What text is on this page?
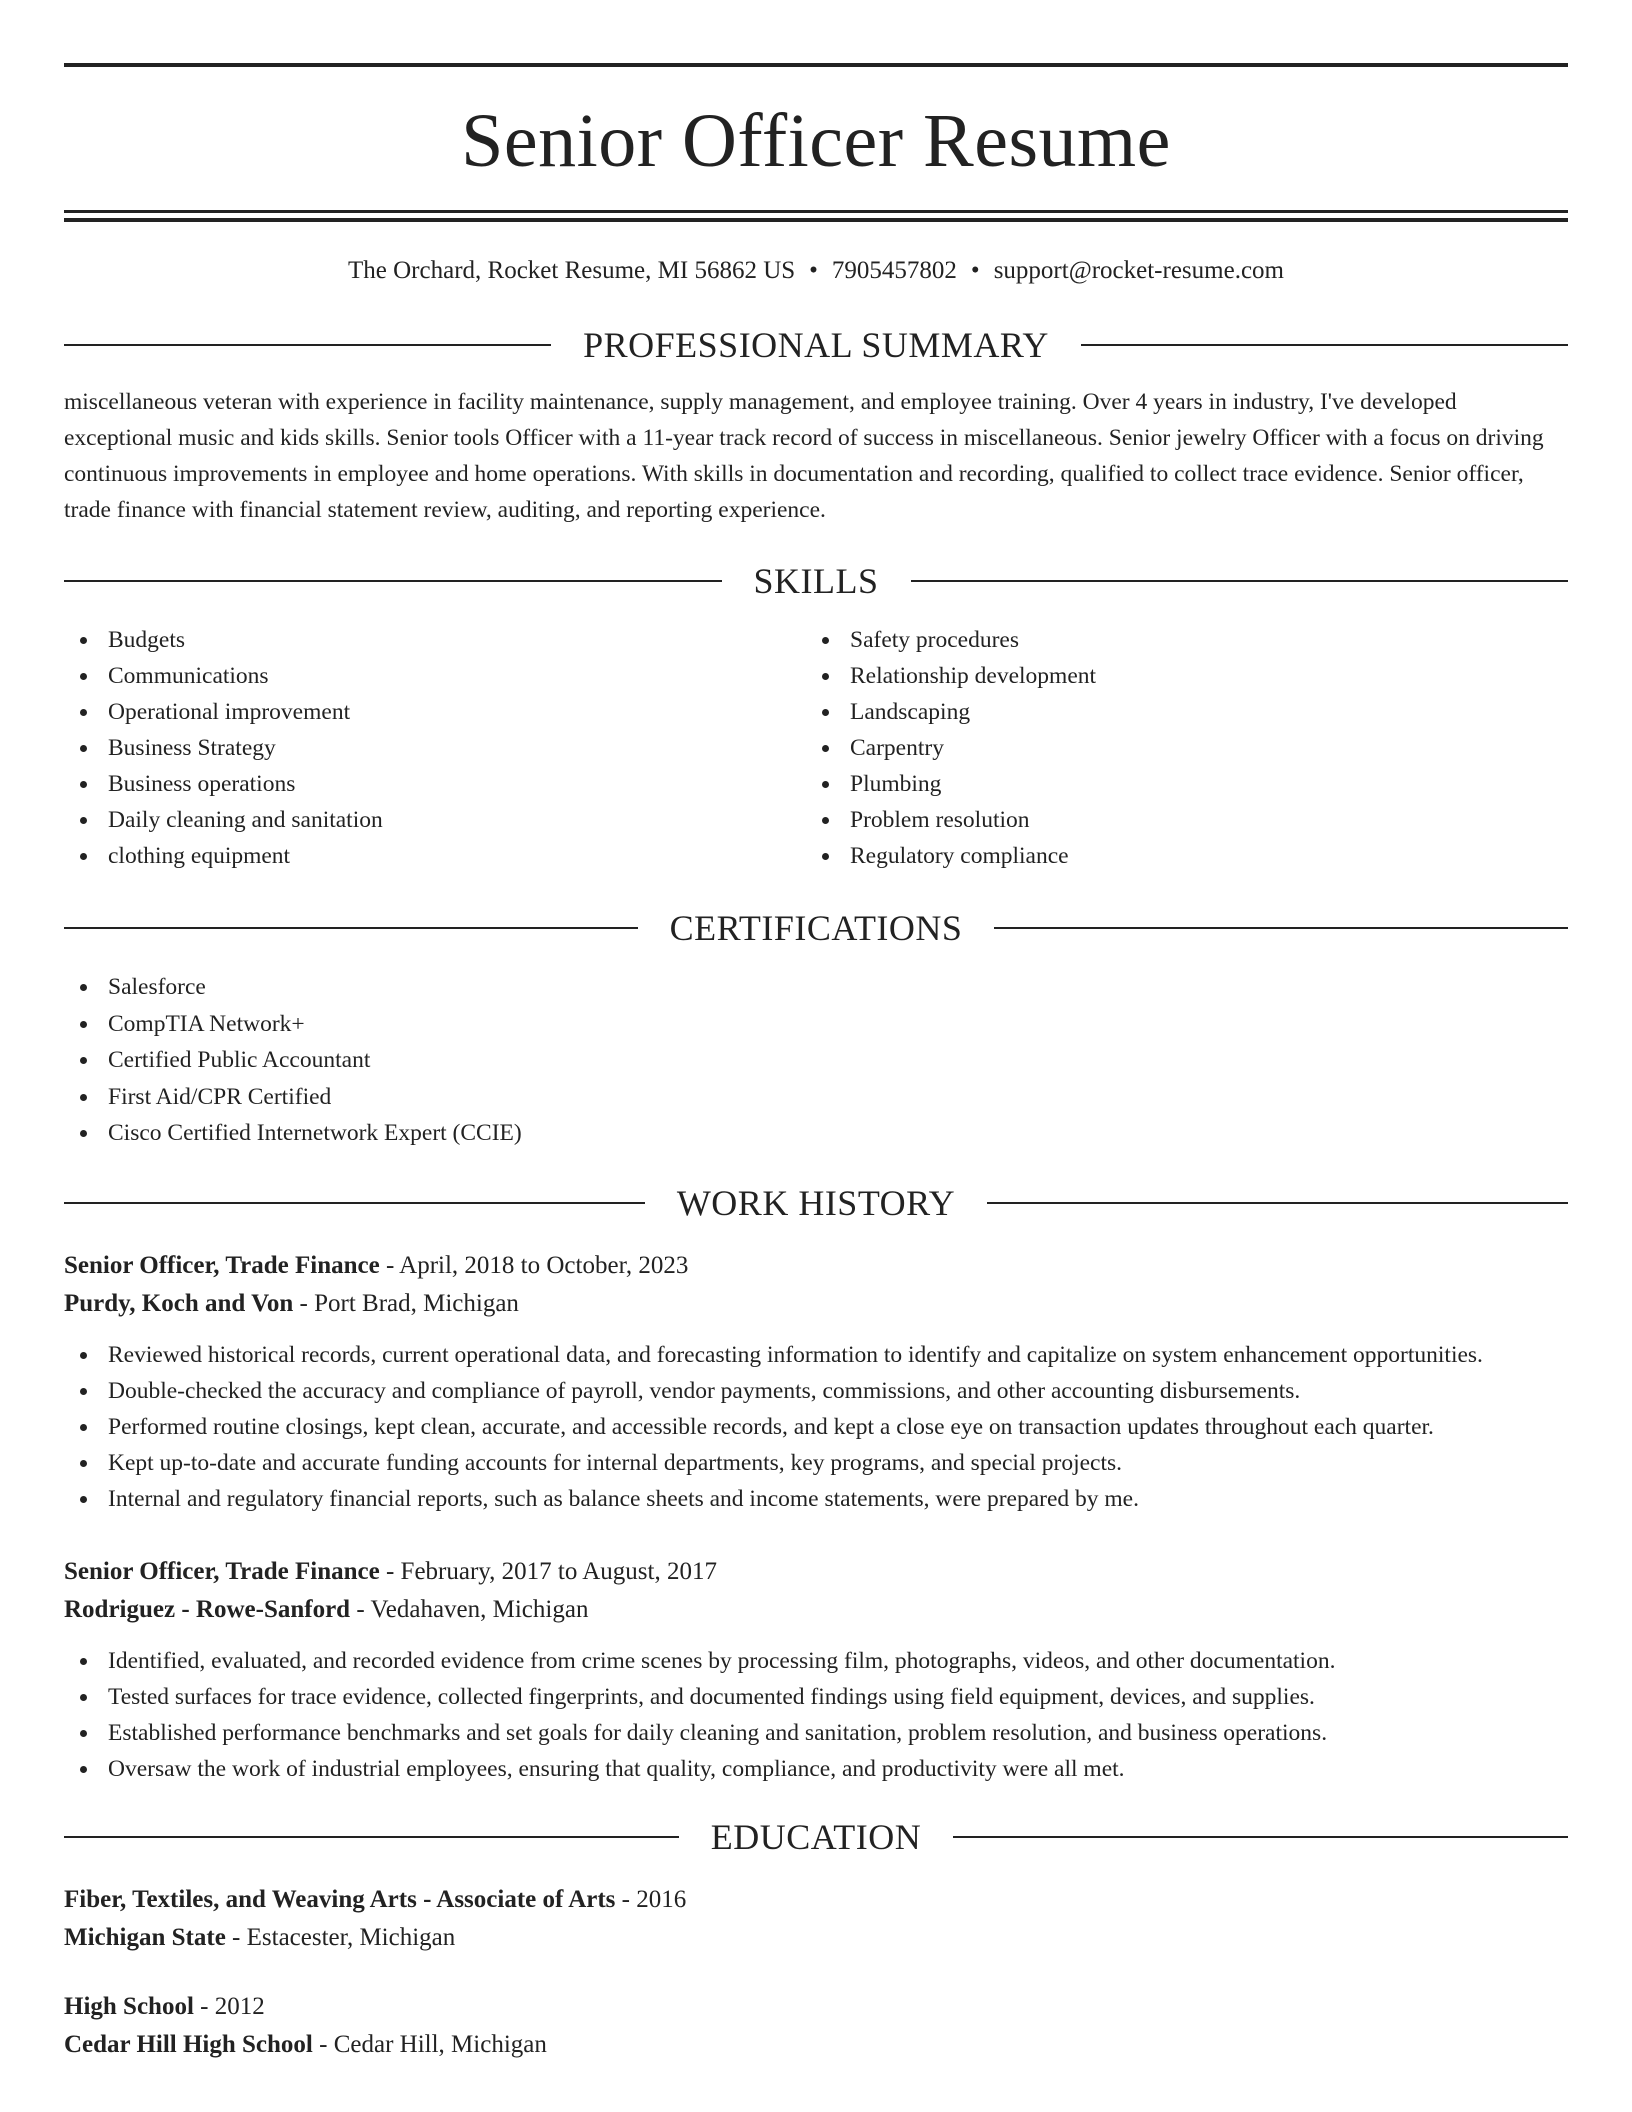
Senior Officer Resume
The Orchard, Rocket Resume, MI 56862 US • 7905457802 • support@rocket-resume.com
PROFESSIONAL SUMMARY
miscellaneous veteran with experience in facility maintenance, supply management, and employee training. Over 4 years in industry, I've developed exceptional music and kids skills. Senior tools Officer with a 11-year track record of success in miscellaneous. Senior jewelry Officer with a focus on driving continuous improvements in employee and home operations. With skills in documentation and recording, qualified to collect trace evidence. Senior officer, trade finance with financial statement review, auditing, and reporting experience.
SKILLS
Budgets
Communications
Operational improvement
Business Strategy
Business operations
Daily cleaning and sanitation
clothing equipment
Safety procedures
Relationship development
Landscaping
Carpentry
Plumbing
Problem resolution
Regulatory compliance
CERTIFICATIONS
Salesforce
CompTIA Network+
Certified Public Accountant
First Aid/CPR Certified
Cisco Certified Internetwork Expert (CCIE)
WORK HISTORY
Senior Officer, Trade Finance - April, 2018 to October, 2023
Purdy, Koch and Von - Port Brad, Michigan
Reviewed historical records, current operational data, and forecasting information to identify and capitalize on system enhancement opportunities.
Double-checked the accuracy and compliance of payroll, vendor payments, commissions, and other accounting disbursements.
Performed routine closings, kept clean, accurate, and accessible records, and kept a close eye on transaction updates throughout each quarter.
Kept up-to-date and accurate funding accounts for internal departments, key programs, and special projects.
Internal and regulatory financial reports, such as balance sheets and income statements, were prepared by me.
Senior Officer, Trade Finance - February, 2017 to August, 2017
Rodriguez - Rowe-Sanford - Vedahaven, Michigan
Identified, evaluated, and recorded evidence from crime scenes by processing film, photographs, videos, and other documentation.
Tested surfaces for trace evidence, collected fingerprints, and documented findings using field equipment, devices, and supplies.
Established performance benchmarks and set goals for daily cleaning and sanitation, problem resolution, and business operations.
Oversaw the work of industrial employees, ensuring that quality, compliance, and productivity were all met.
EDUCATION
Fiber, Textiles, and Weaving Arts - Associate of Arts - 2016
Michigan State - Estacester, Michigan
High School - 2012
Cedar Hill High School - Cedar Hill, Michigan
